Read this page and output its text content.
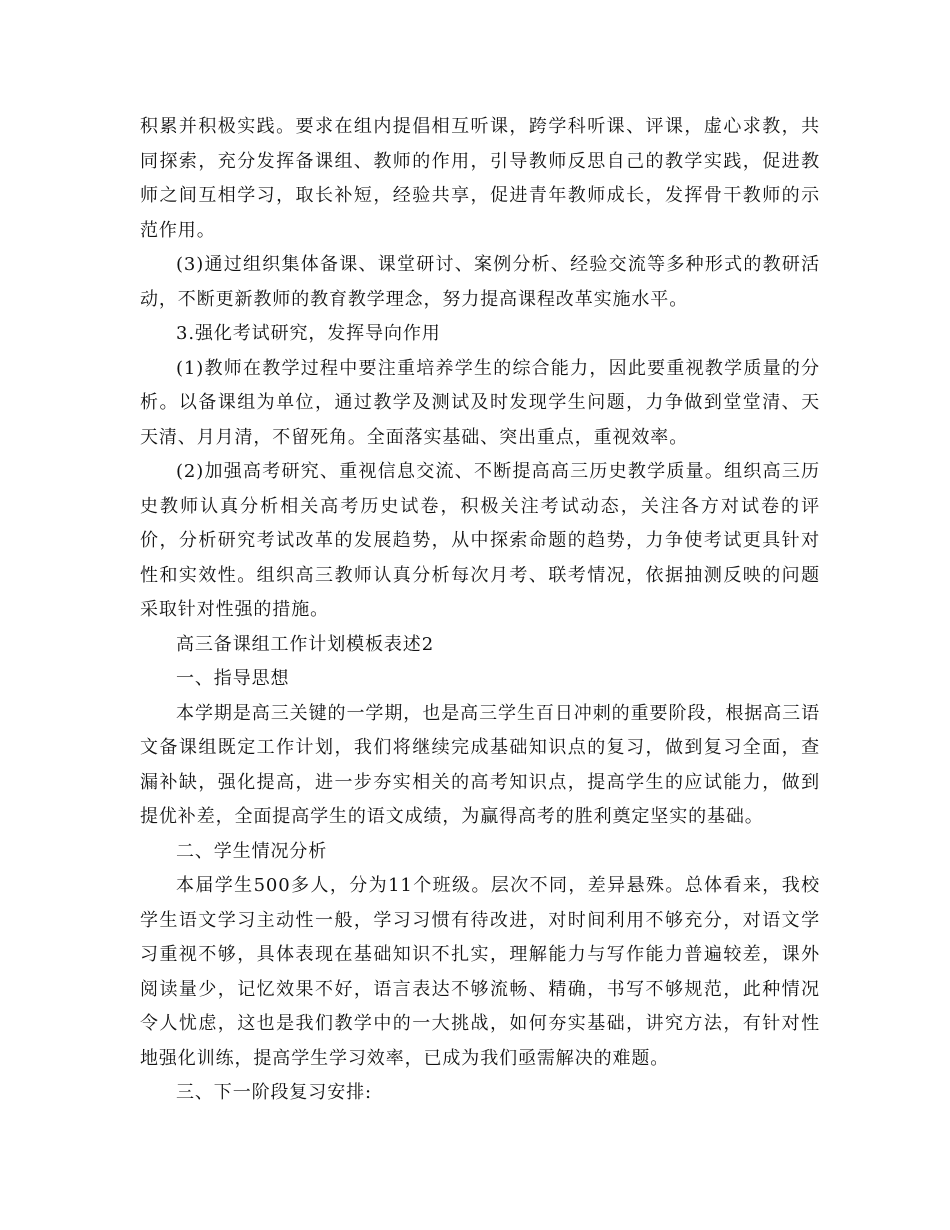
积累并积极实践。要求在组内提倡相互听课，跨学科听课、评课，虚心求教，共同探索，充分发挥备课组、教师的作用，引导教师反思自己的教学实践，促进教师之间互相学习，取长补短，经验共享，促进青年教师成长，发挥骨干教师的示范作用。

(3)通过组织集体备课、课堂研讨、案例分析、经验交流等多种形式的教研活动，不断更新教师的教育教学理念，努力提高课程改革实施水平。

3.强化考试研究，发挥导向作用

(1)教师在教学过程中要注重培养学生的综合能力，因此要重视教学质量的分析。以备课组为单位，通过教学及测试及时发现学生问题，力争做到堂堂清、天天清、月月清，不留死角。全面落实基础、突出重点，重视效率。

(2)加强高考研究、重视信息交流、不断提高高三历史教学质量。组织高三历史教师认真分析相关高考历史试卷，积极关注考试动态，关注各方对试卷的评价，分析研究考试改革的发展趋势，从中探索命题的趋势，力争使考试更具针对性和实效性。组织高三教师认真分析每次月考、联考情况，依据抽测反映的问题采取针对性强的措施。

高三备课组工作计划模板表述2

一、指导思想

本学期是高三关键的一学期，也是高三学生百日冲刺的重要阶段，根据高三语文备课组既定工作计划，我们将继续完成基础知识点的复习，做到复习全面，查漏补缺，强化提高，进一步夯实相关的高考知识点，提高学生的应试能力，做到提优补差，全面提高学生的语文成绩，为赢得高考的胜利奠定坚实的基础。

二、学生情况分析

本届学生500多人，分为11个班级。层次不同，差异悬殊。总体看来，我校学生语文学习主动性一般，学习习惯有待改进，对时间利用不够充分，对语文学习重视不够，具体表现在基础知识不扎实，理解能力与写作能力普遍较差，课外阅读量少，记忆效果不好，语言表达不够流畅、精确，书写不够规范，此种情况令人忧虑，这也是我们教学中的一大挑战，如何夯实基础，讲究方法，有针对性地强化训练，提高学生学习效率，已成为我们亟需解决的难题。

三、下一阶段复习安排:
